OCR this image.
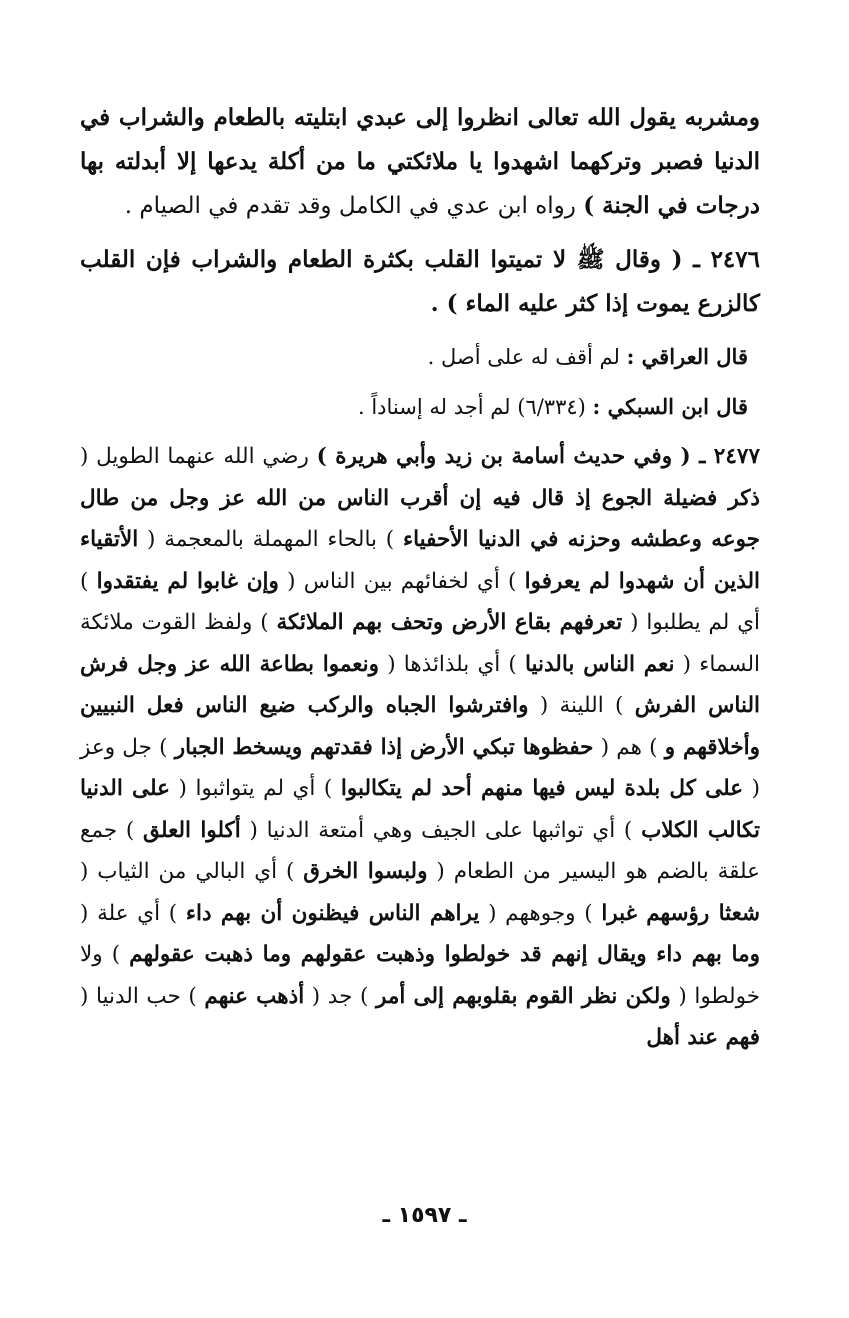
ومشربه يقول الله تعالى انظروا إلى عبدي ابتليته بالطعام والشراب في الدنيا فصبر وتركهما اشهدوا يا ملائكتي ما من أكلة يدعها إلا أبدلته بها درجات في الجنة ) رواه ابن عدي في الكامل وقد تقدم في الصيام .

٢٤٧٦ ـ ( وقال ﷺ لا تميتوا القلب بكثرة الطعام والشراب فإن القلب كالزرع يموت إذا كثر عليه الماء ) .

قال العراقي : لم أقف له على أصل .

قال ابن السبكي : (٦/٣٣٤) لم أجد له إسناداً .

٢٤٧٧ ـ ( وفي حديث أسامة بن زيد وأبي هريرة ) رضي الله عنهما الطويل ( ذكر فضيلة الجوع إذ قال فيه إن أقرب الناس من الله عز وجل من طال جوعه وعطشه وحزنه في الدنيا الأحفياء ) بالحاء المهملة بالمعجمة ( الأتقياء الذين أن شهدوا لم يعرفوا ) أي لخفائهم بين الناس ( وإن غابوا لم يفتقدوا ) أي لم يطلبوا ( تعرفهم بقاع الأرض وتحف بهم الملائكة ) ولفظ القوت ملائكة السماء ( نعم الناس بالدنيا ) أي بلذائذها ( ونعموا بطاعة الله عز وجل فرش الناس الفرش ) اللينة ( وافترشوا الجباه والركب ضيع الناس فعل النبيين وأخلاقهم و ) هم ( حفظوها تبكي الأرض إذا فقدتهم ويسخط الجبار ) جل وعز ( على كل بلدة ليس فيها منهم أحد لم يتكالبوا ) أي لم يتواثبوا ( على الدنيا تكالب الكلاب ) أي تواثبها على الجيف وهي أمتعة الدنيا ( أكلوا العلق ) جمع علقة بالضم هو اليسير من الطعام ( ولبسوا الخرق ) أي البالي من الثياب ( شعثا رؤسهم غبرا ) وجوههم ( يراهم الناس فيظنون أن بهم داء ) أي علة ( وما بهم داء ويقال إنهم قد خولطوا وذهبت عقولهم وما ذهبت عقولهم ) ولا خولطوا ( ولكن نظر القوم بقلوبهم إلى أمر ) جد ( أذهب عنهم ) حب الدنيا ( فهم عند أهل

ـ ١٥٩٧ ـ
